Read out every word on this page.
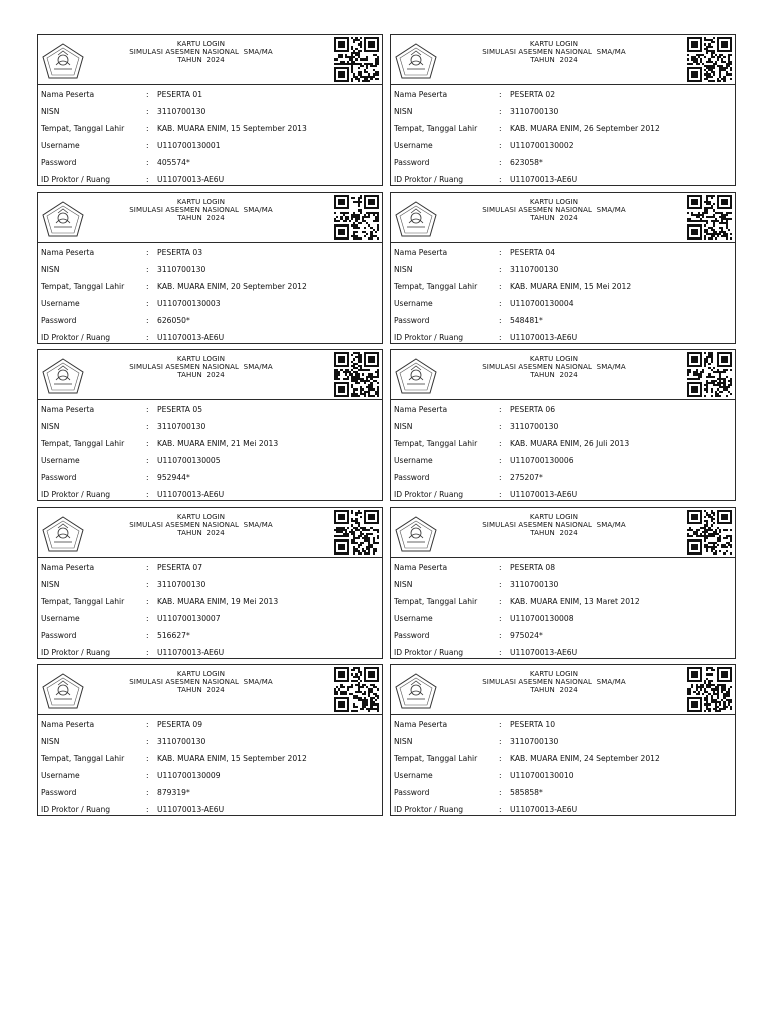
KARTU LOGIN
SIMULASI ASESMEN NASIONAL  SMA/MA
TAHUN  2024
Nama Peserta	: PESERTA 01
NISN	: 3110700130
Tempat, Tanggal Lahir	: KAB. MUARA ENIM, 15 September 2013
Username	: U110700130001
Password	: 405574*
ID Proktor / Ruang	: U11070013-AE6U
KARTU LOGIN
SIMULASI ASESMEN NASIONAL  SMA/MA
TAHUN  2024
Nama Peserta	: PESERTA 02
NISN	: 3110700130
Tempat, Tanggal Lahir	: KAB. MUARA ENIM, 26 September 2012
Username	: U110700130002
Password	: 623058*
ID Proktor / Ruang	: U11070013-AE6U
KARTU LOGIN
SIMULASI ASESMEN NASIONAL  SMA/MA
TAHUN  2024
Nama Peserta	: PESERTA 03
NISN	: 3110700130
Tempat, Tanggal Lahir	: KAB. MUARA ENIM, 20 September 2012
Username	: U110700130003
Password	: 626050*
ID Proktor / Ruang	: U11070013-AE6U
KARTU LOGIN
SIMULASI ASESMEN NASIONAL  SMA/MA
TAHUN  2024
Nama Peserta	: PESERTA 04
NISN	: 3110700130
Tempat, Tanggal Lahir	: KAB. MUARA ENIM, 15 Mei 2012
Username	: U110700130004
Password	: 548481*
ID Proktor / Ruang	: U11070013-AE6U
KARTU LOGIN
SIMULASI ASESMEN NASIONAL  SMA/MA
TAHUN  2024
Nama Peserta	: PESERTA 05
NISN	: 3110700130
Tempat, Tanggal Lahir	: KAB. MUARA ENIM, 21 Mei 2013
Username	: U110700130005
Password	: 952944*
ID Proktor / Ruang	: U11070013-AE6U
KARTU LOGIN
SIMULASI ASESMEN NASIONAL  SMA/MA
TAHUN  2024
Nama Peserta	: PESERTA 06
NISN	: 3110700130
Tempat, Tanggal Lahir	: KAB. MUARA ENIM, 26 Juli 2013
Username	: U110700130006
Password	: 275207*
ID Proktor / Ruang	: U11070013-AE6U
KARTU LOGIN
SIMULASI ASESMEN NASIONAL  SMA/MA
TAHUN  2024
Nama Peserta	: PESERTA 07
NISN	: 3110700130
Tempat, Tanggal Lahir	: KAB. MUARA ENIM, 19 Mei 2013
Username	: U110700130007
Password	: 516627*
ID Proktor / Ruang	: U11070013-AE6U
KARTU LOGIN
SIMULASI ASESMEN NASIONAL  SMA/MA
TAHUN  2024
Nama Peserta	: PESERTA 08
NISN	: 3110700130
Tempat, Tanggal Lahir	: KAB. MUARA ENIM, 13 Maret 2012
Username	: U110700130008
Password	: 975024*
ID Proktor / Ruang	: U11070013-AE6U
KARTU LOGIN
SIMULASI ASESMEN NASIONAL  SMA/MA
TAHUN  2024
Nama Peserta	: PESERTA 09
NISN	: 3110700130
Tempat, Tanggal Lahir	: KAB. MUARA ENIM, 15 September 2012
Username	: U110700130009
Password	: 879319*
ID Proktor / Ruang	: U11070013-AE6U
KARTU LOGIN
SIMULASI ASESMEN NASIONAL  SMA/MA
TAHUN  2024
Nama Peserta	: PESERTA 10
NISN	: 3110700130
Tempat, Tanggal Lahir	: KAB. MUARA ENIM, 24 September 2012
Username	: U110700130010
Password	: 585858*
ID Proktor / Ruang	: U11070013-AE6U
